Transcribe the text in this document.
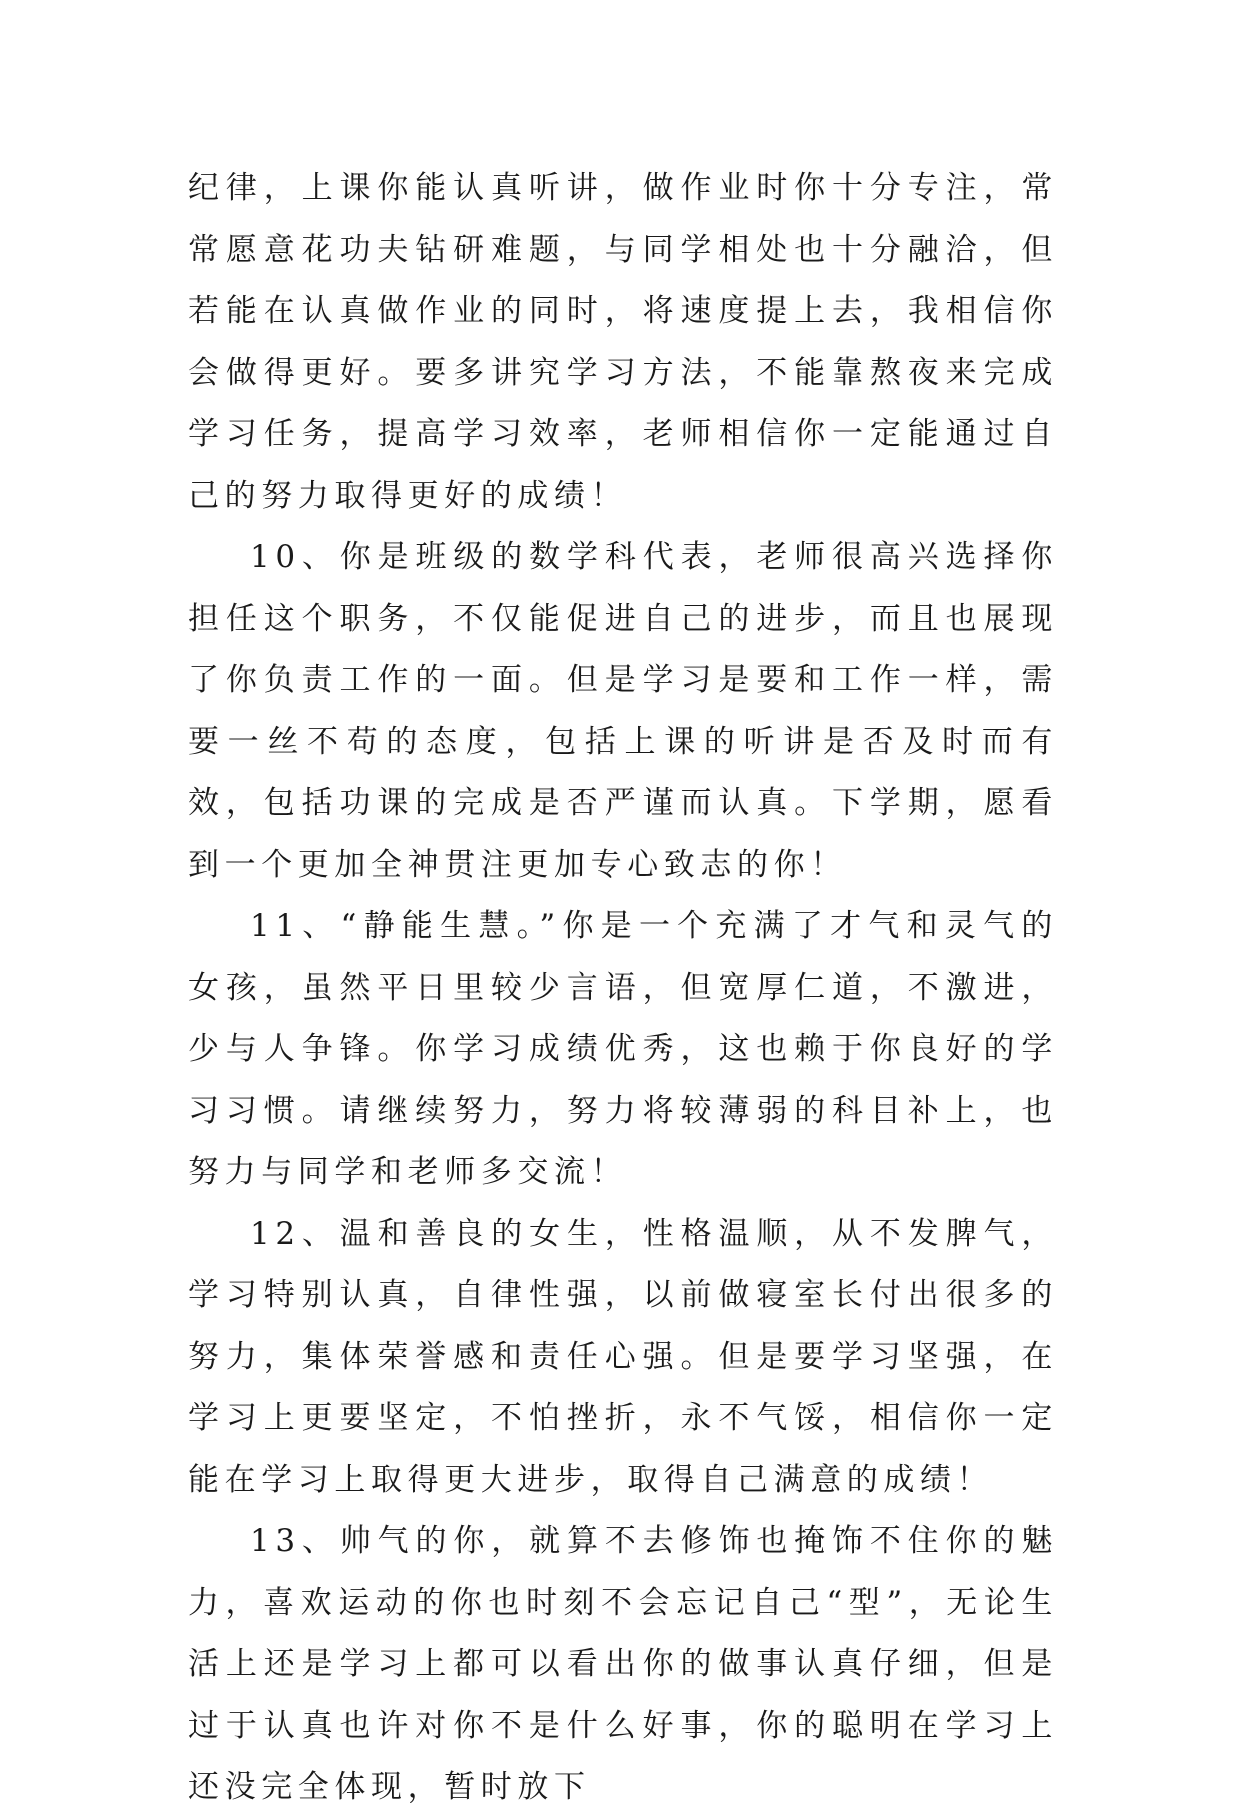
纪律，上课你能认真听讲，做作业时你十分专注，常常愿意花功夫钻研难题，与同学相处也十分融洽，但若能在认真做作业的同时，将速度提上去，我相信你会做得更好。要多讲究学习方法，不能靠熬夜来完成学习任务，提高学习效率，老师相信你一定能通过自己的努力取得更好的成绩！

10、你是班级的数学科代表，老师很高兴选择你担任这个职务，不仅能促进自己的进步，而且也展现了你负责工作的一面。但是学习是要和工作一样，需要一丝不苟的态度，包括上课的听讲是否及时而有效，包括功课的完成是否严谨而认真。下学期，愿看到一个更加全神贯注更加专心致志的你！

11、“静能生慧。”你是一个充满了才气和灵气的女孩，虽然平日里较少言语，但宽厚仁道，不激进，少与人争锋。你学习成绩优秀，这也赖于你良好的学习习惯。请继续努力，努力将较薄弱的科目补上，也努力与同学和老师多交流！

12、温和善良的女生，性格温顺，从不发脾气，学习特别认真，自律性强，以前做寝室长付出很多的努力，集体荣誉感和责任心强。但是要学习坚强，在学习上更要坚定，不怕挫折，永不气馁，相信你一定能在学习上取得更大进步，取得自己满意的成绩！

13、帅气的你，就算不去修饰也掩饰不住你的魅力，喜欢运动的你也时刻不会忘记自己“型”，无论生活上还是学习上都可以看出你的做事认真仔细，但是过于认真也许对你不是什么好事，你的聪明在学习上还没完全体现，暂时放下
